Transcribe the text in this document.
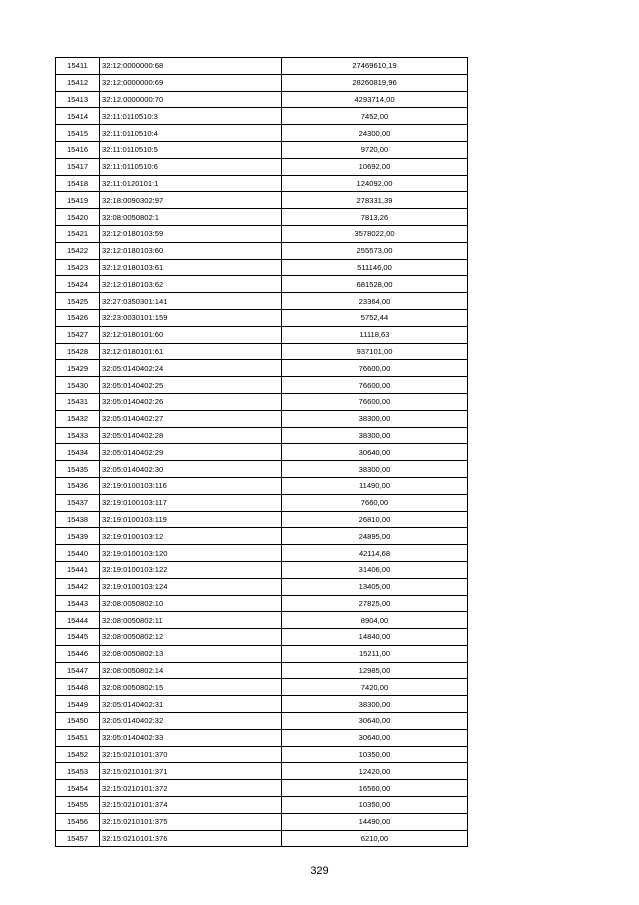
15411	32:12:0000000:68	27469610,19
15412	32:12:0000000:69	28260819,96
15413	32:12:0000000:70	4293714,00
15414	32:11:0110510:3	7452,00
15415	32:11:0110510:4	24300,00
15416	32:11:0110510:5	9720,00
15417	32:11:0110510:6	10692,00
15418	32:11:0120101:1	124092,00
15419	32:18:0090302:97	278331,39
15420	32:08:0050802:1	7813,26
15421	32:12:0180103:59	3578022,00
15422	32:12:0180103:60	255573,00
15423	32:12:0180103:61	511146,00
15424	32:12:0180103:62	681528,00
15425	32:27:0350301:141	23364,00
15426	32:23:0030101:159	5752,44
15427	32:12:0180101:60	11118,63
15428	32:12:0180101:61	937101,00
15429	32:05:0140402:24	76600,00
15430	32:05:0140402:25	76600,00
15431	32:05:0140402:26	76600,00
15432	32:05:0140402:27	38300,00
15433	32:05:0140402:28	38300,00
15434	32:05:0140402:29	30640,00
15435	32:05:0140402:30	38300,00
15436	32:19:0100103:116	11490,00
15437	32:19:0100103:117	7660,00
15438	32:19:0100103:119	26810,00
15439	32:19:0100103:12	24895,00
15440	32:19:0100103:120	42114,68
15441	32:19:0100103:122	31406,00
15442	32:19:0100103:124	13405,00
15443	32:08:0050802:10	27825,00
15444	32:08:0050802:11	8904,00
15445	32:08:0050802:12	14840,00
15446	32:08:0050802:13	15211,00
15447	32:08:0050802:14	12985,00
15448	32:08:0050802:15	7420,00
15449	32:05:0140402:31	38300,00
15450	32:05:0140402:32	30640,00
15451	32:05:0140402:33	30640,00
15452	32:15:0210101:370	10350,00
15453	32:15:0210101:371	12420,00
15454	32:15:0210101:372	16560,00
15455	32:15:0210101:374	10350,00
15456	32:15:0210101:375	14490,00
15457	32:15:0210101:376	6210,00
329
